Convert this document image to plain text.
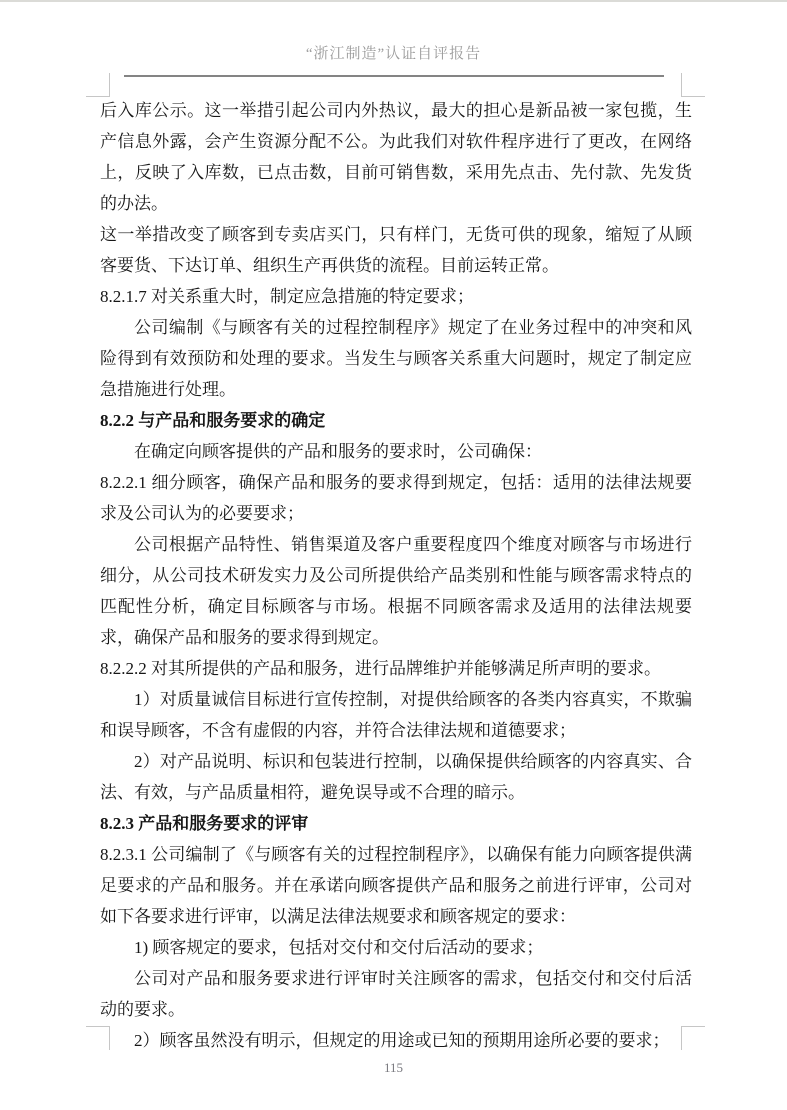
“浙江制造”认证自评报告

后入库公示。这一举措引起公司内外热议，最大的担心是新品被一家包揽，生产信息外露，会产生资源分配不公。为此我们对软件程序进行了更改，在网络上，反映了入库数，已点击数，目前可销售数，采用先点击、先付款、先发货的办法。

这一举措改变了顾客到专卖店买门，只有样门，无货可供的现象，缩短了从顾客要货、下达订单、组织生产再供货的流程。目前运转正常。

8.2.1.7 对关系重大时，制定应急措施的特定要求；

公司编制《与顾客有关的过程控制程序》规定了在业务过程中的冲突和风险得到有效预防和处理的要求。当发生与顾客关系重大问题时，规定了制定应急措施进行处理。

8.2.2 与产品和服务要求的确定

在确定向顾客提供的产品和服务的要求时，公司确保：

8.2.2.1 细分顾客，确保产品和服务的要求得到规定，包括：适用的法律法规要求及公司认为的必要要求；

公司根据产品特性、销售渠道及客户重要程度四个维度对顾客与市场进行细分，从公司技术研发实力及公司所提供给产品类别和性能与顾客需求特点的匹配性分析，确定目标顾客与市场。根据不同顾客需求及适用的法律法规要求，确保产品和服务的要求得到规定。

8.2.2.2 对其所提供的产品和服务，进行品牌维护并能够满足所声明的要求。

1）对质量诚信目标进行宣传控制，对提供给顾客的各类内容真实，不欺骗和误导顾客，不含有虚假的内容，并符合法律法规和道德要求；

2）对产品说明、标识和包装进行控制，以确保提供给顾客的内容真实、合法、有效，与产品质量相符，避免误导或不合理的暗示。

8.2.3 产品和服务要求的评审

8.2.3.1 公司编制了《与顾客有关的过程控制程序》，以确保有能力向顾客提供满足要求的产品和服务。并在承诺向顾客提供产品和服务之前进行评审，公司对如下各要求进行评审，以满足法律法规要求和顾客规定的要求：

1) 顾客规定的要求，包括对交付和交付后活动的要求；

公司对产品和服务要求进行评审时关注顾客的需求，包括交付和交付后活动的要求。

2）顾客虽然没有明示，但规定的用途或已知的预期用途所必要的要求；

115
